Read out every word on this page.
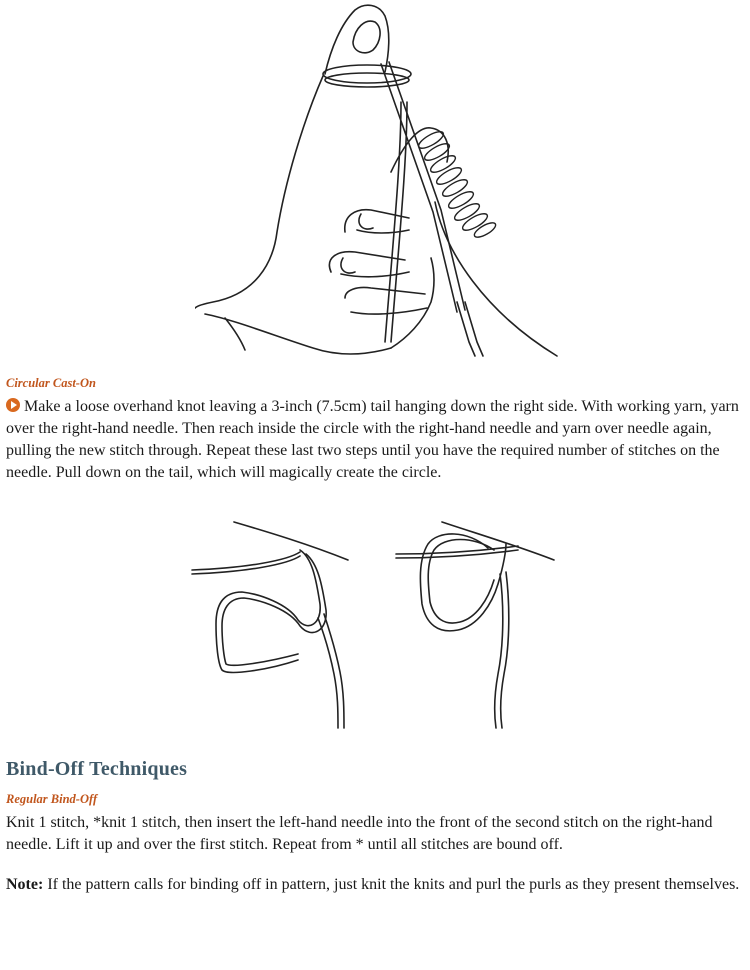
Circular Cast-On

Make a loose overhand knot leaving a 3-inch (7.5cm) tail hanging down the right side. With working yarn, yarn over the right-hand needle. Then reach inside the circle with the right-hand needle and yarn over needle again, pulling the new stitch through. Repeat these last two steps until you have the required number of stitches on the needle. Pull down on the tail, which will magically create the circle.

Bind-Off Techniques

Regular Bind-Off

Knit 1 stitch, *knit 1 stitch, then insert the left-hand needle into the front of the second stitch on the right-hand needle. Lift it up and over the first stitch. Repeat from * until all stitches are bound off.

Note: If the pattern calls for binding off in pattern, just knit the knits and purl the purls as they present themselves.
